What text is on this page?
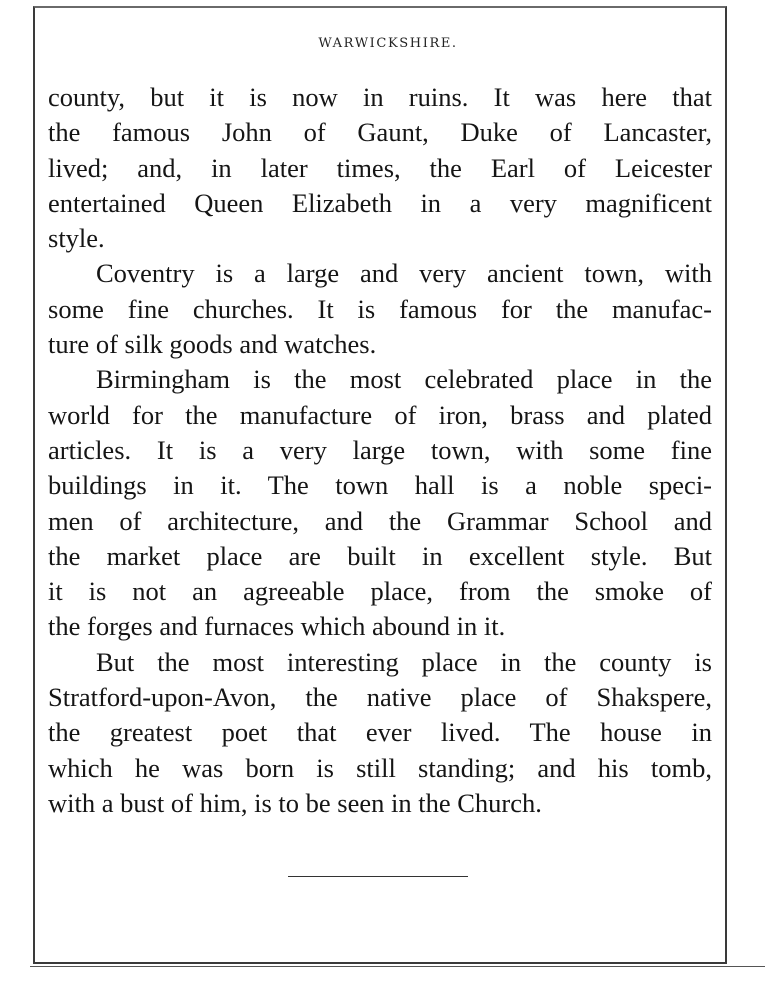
WARWICKSHIRE.
county, but it is now in ruins. It was here that
the famous John of Gaunt, Duke of Lancaster,
lived; and, in later times, the Earl of Leicester
entertained Queen Elizabeth in a very magnificent
style.
Coventry is a large and very ancient town, with
some fine churches. It is famous for the manufac-
ture of silk goods and watches.
Birmingham is the most celebrated place in the
world for the manufacture of iron, brass and plated
articles. It is a very large town, with some fine
buildings in it. The town hall is a noble speci-
men of architecture, and the Grammar School and
the market place are built in excellent style. But
it is not an agreeable place, from the smoke of
the forges and furnaces which abound in it.
But the most interesting place in the county is
Stratford-upon-Avon, the native place of Shakspere,
the greatest poet that ever lived. The house in
which he was born is still standing; and his tomb,
with a bust of him, is to be seen in the Church.
